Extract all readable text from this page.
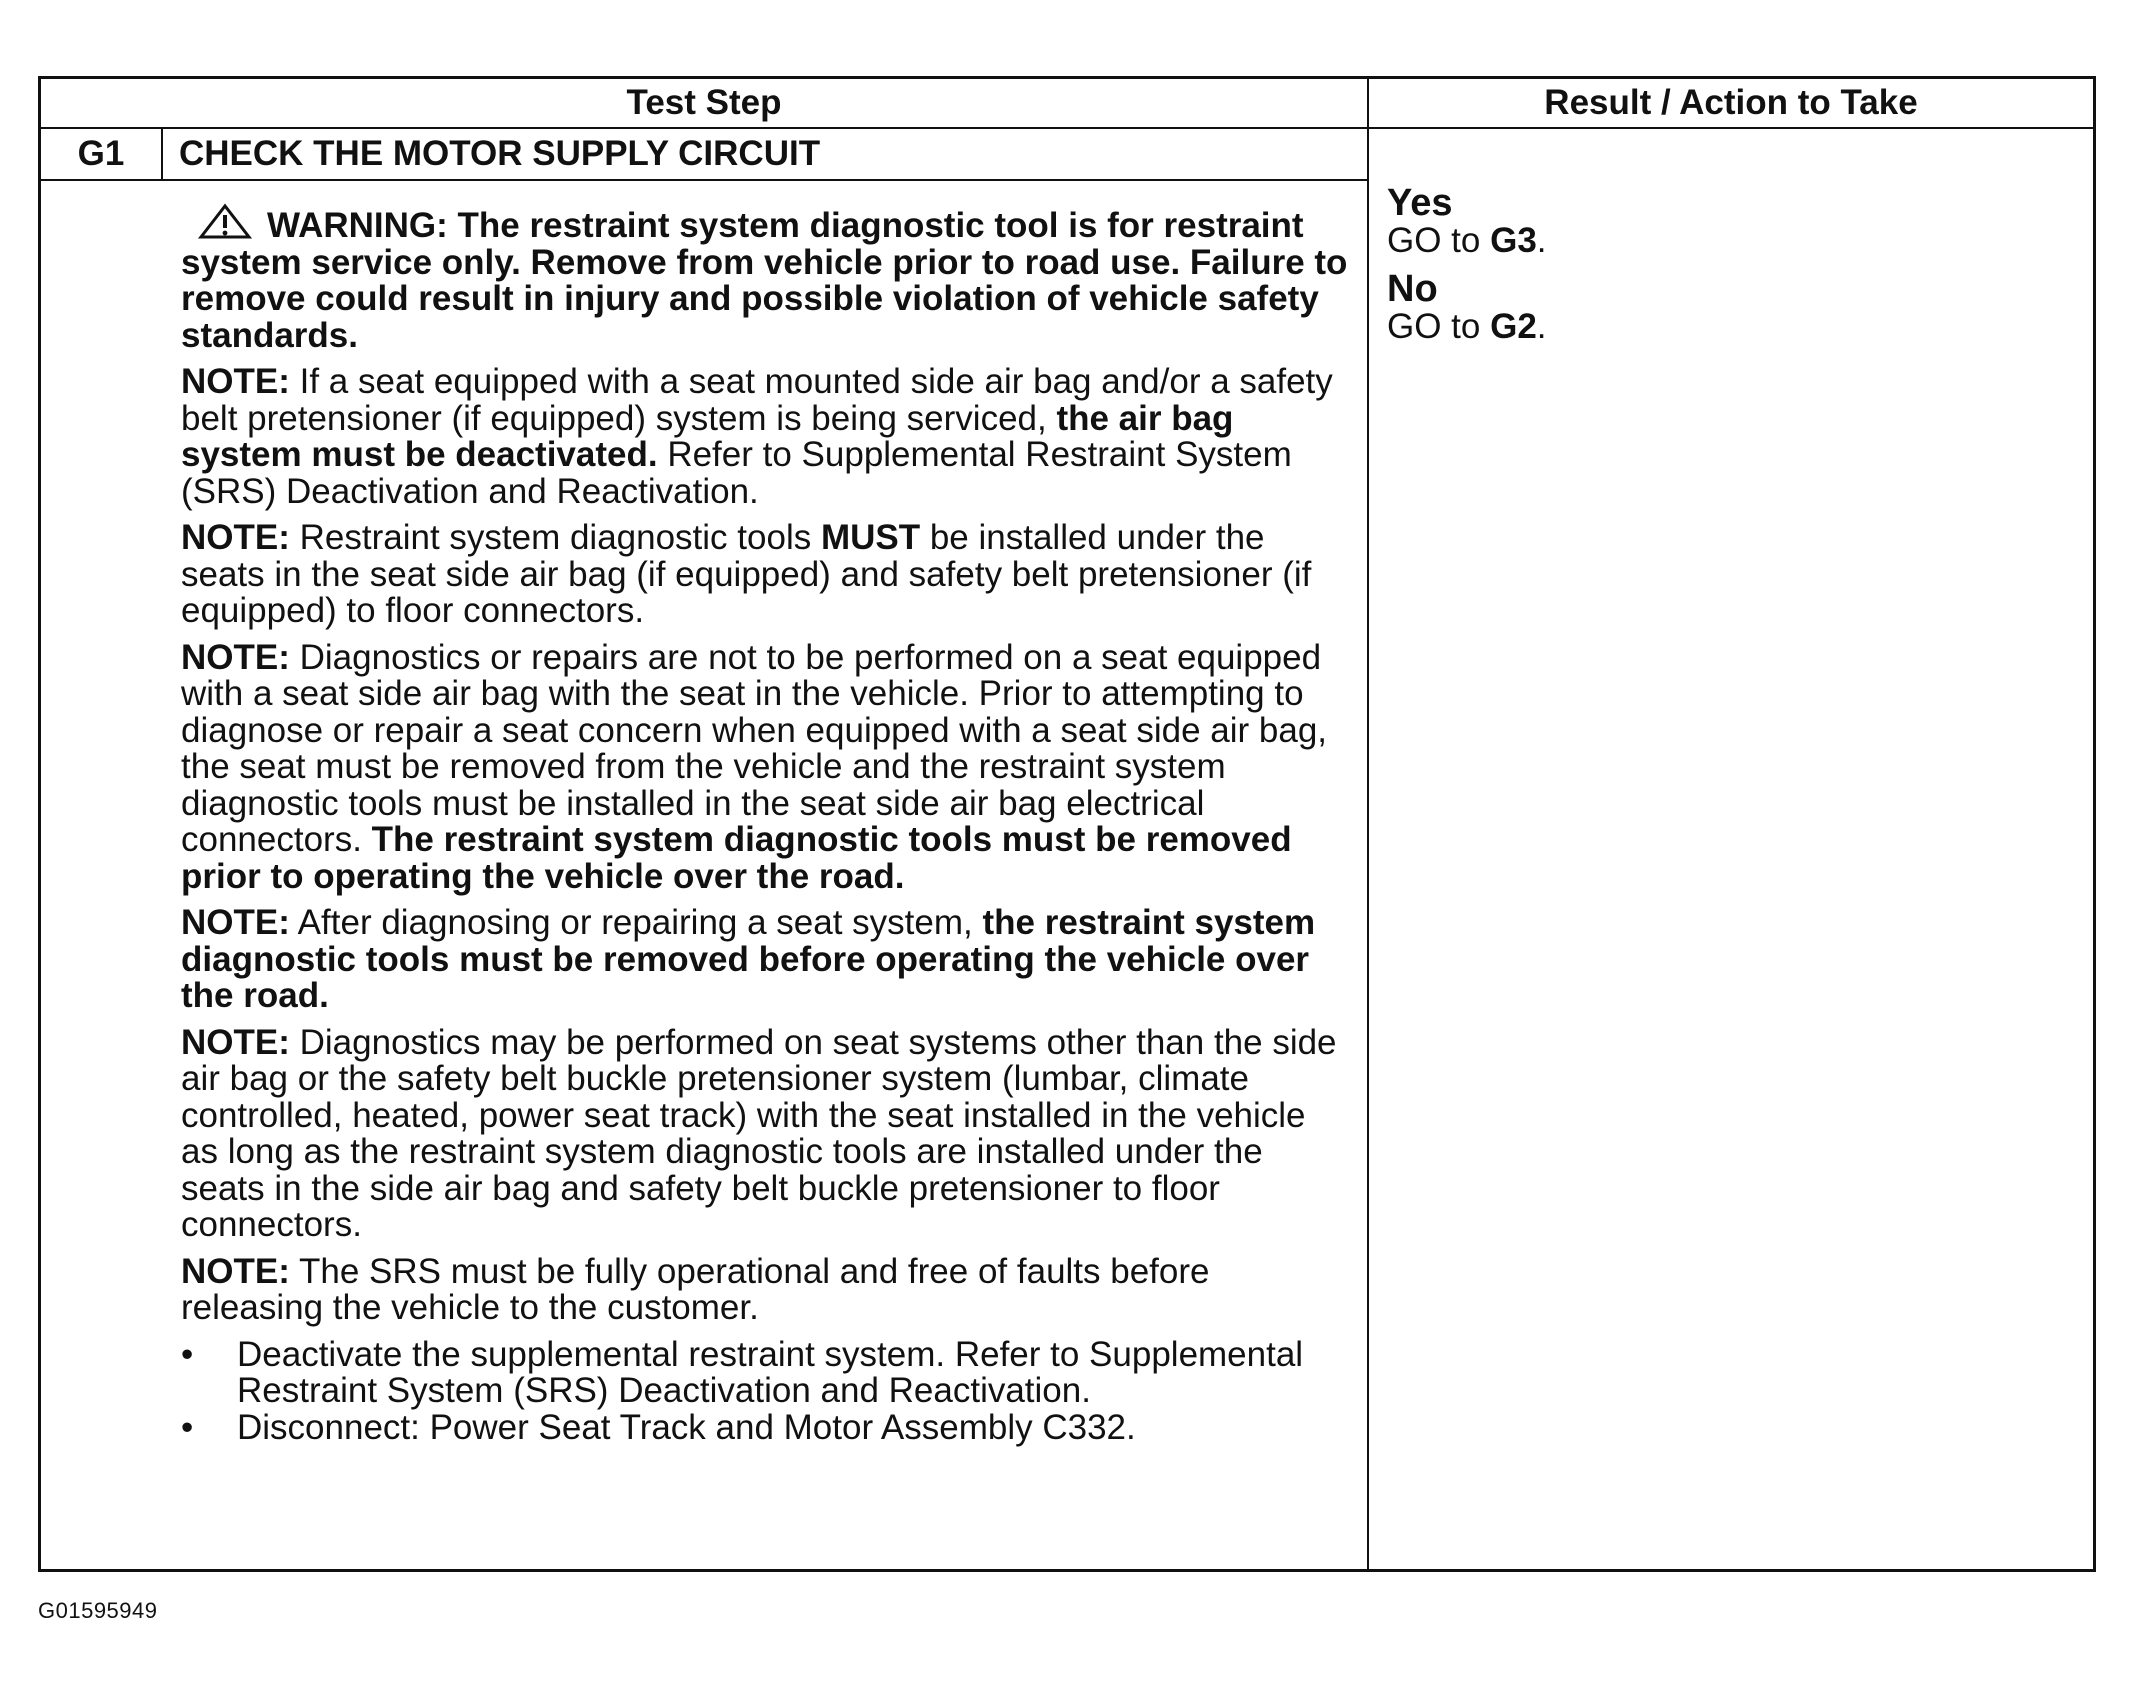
Test Step	Result / Action to Take
G1	CHECK THE MOTOR SUPPLY CIRCUIT

WARNING: The restraint system diagnostic tool is for restraint system service only. Remove from vehicle prior to road use. Failure to remove could result in injury and possible violation of vehicle safety standards.

NOTE: If a seat equipped with a seat mounted side air bag and/or a safety belt pretensioner (if equipped) system is being serviced, the air bag system must be deactivated. Refer to Supplemental Restraint System (SRS) Deactivation and Reactivation.

NOTE: Restraint system diagnostic tools MUST be installed under the seats in the seat side air bag (if equipped) and safety belt pretensioner (if equipped) to floor connectors.

NOTE: Diagnostics or repairs are not to be performed on a seat equipped with a seat side air bag with the seat in the vehicle. Prior to attempting to diagnose or repair a seat concern when equipped with a seat side air bag, the seat must be removed from the vehicle and the restraint system diagnostic tools must be installed in the seat side air bag electrical connectors. The restraint system diagnostic tools must be removed prior to operating the vehicle over the road.

NOTE: After diagnosing or repairing a seat system, the restraint system diagnostic tools must be removed before operating the vehicle over the road.

NOTE: Diagnostics may be performed on seat systems other than the side air bag or the safety belt buckle pretensioner system (lumbar, climate controlled, heated, power seat track) with the seat installed in the vehicle as long as the restraint system diagnostic tools are installed under the seats in the side air bag and safety belt buckle pretensioner to floor connectors.

NOTE: The SRS must be fully operational and free of faults before releasing the vehicle to the customer.

• Deactivate the supplemental restraint system. Refer to Supplemental Restraint System (SRS) Deactivation and Reactivation.
• Disconnect: Power Seat Track and Motor Assembly C332.
Yes
GO to G3.
No
GO to G2.
G01595949
